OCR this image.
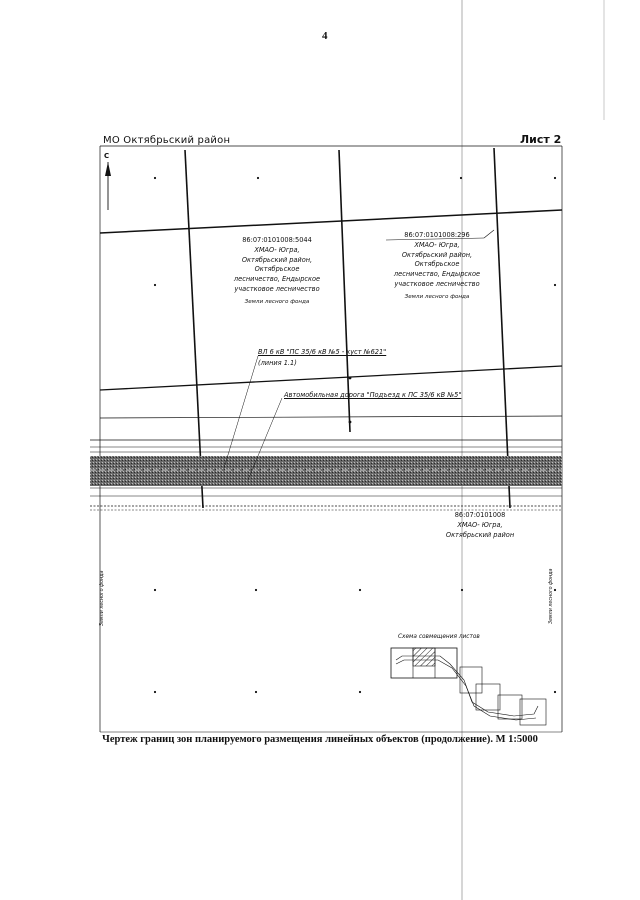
4
МО Октябрьский район	Лист 2
С
86:07:0101008:5044
ХМАО- Югра,
Октябрьский район,
Октябрьское
лесничество, Ендырское
участковое лесничество
Земли лесного фонда
86:07:0101008:296
ХМАО- Югра,
Октябрьский район,
Октябрьское
лесничество, Ендырское
участковое лесничество
Земли лесного фонда
86:07:0101008
ХМАО- Югра,
Октябрьский район
ВЛ 6 кВ "ПС 35/6 кВ №5 - куст №621"
(линия 1.1)
Автомобильная дорога "Подъезд к ПС 35/6 кВ №5"
Земли лесного фонда	Земли лесного фонда
Схема совмещения листов
Чертеж границ зон планируемого размещения линейных объектов (продолжение). М 1:5000
